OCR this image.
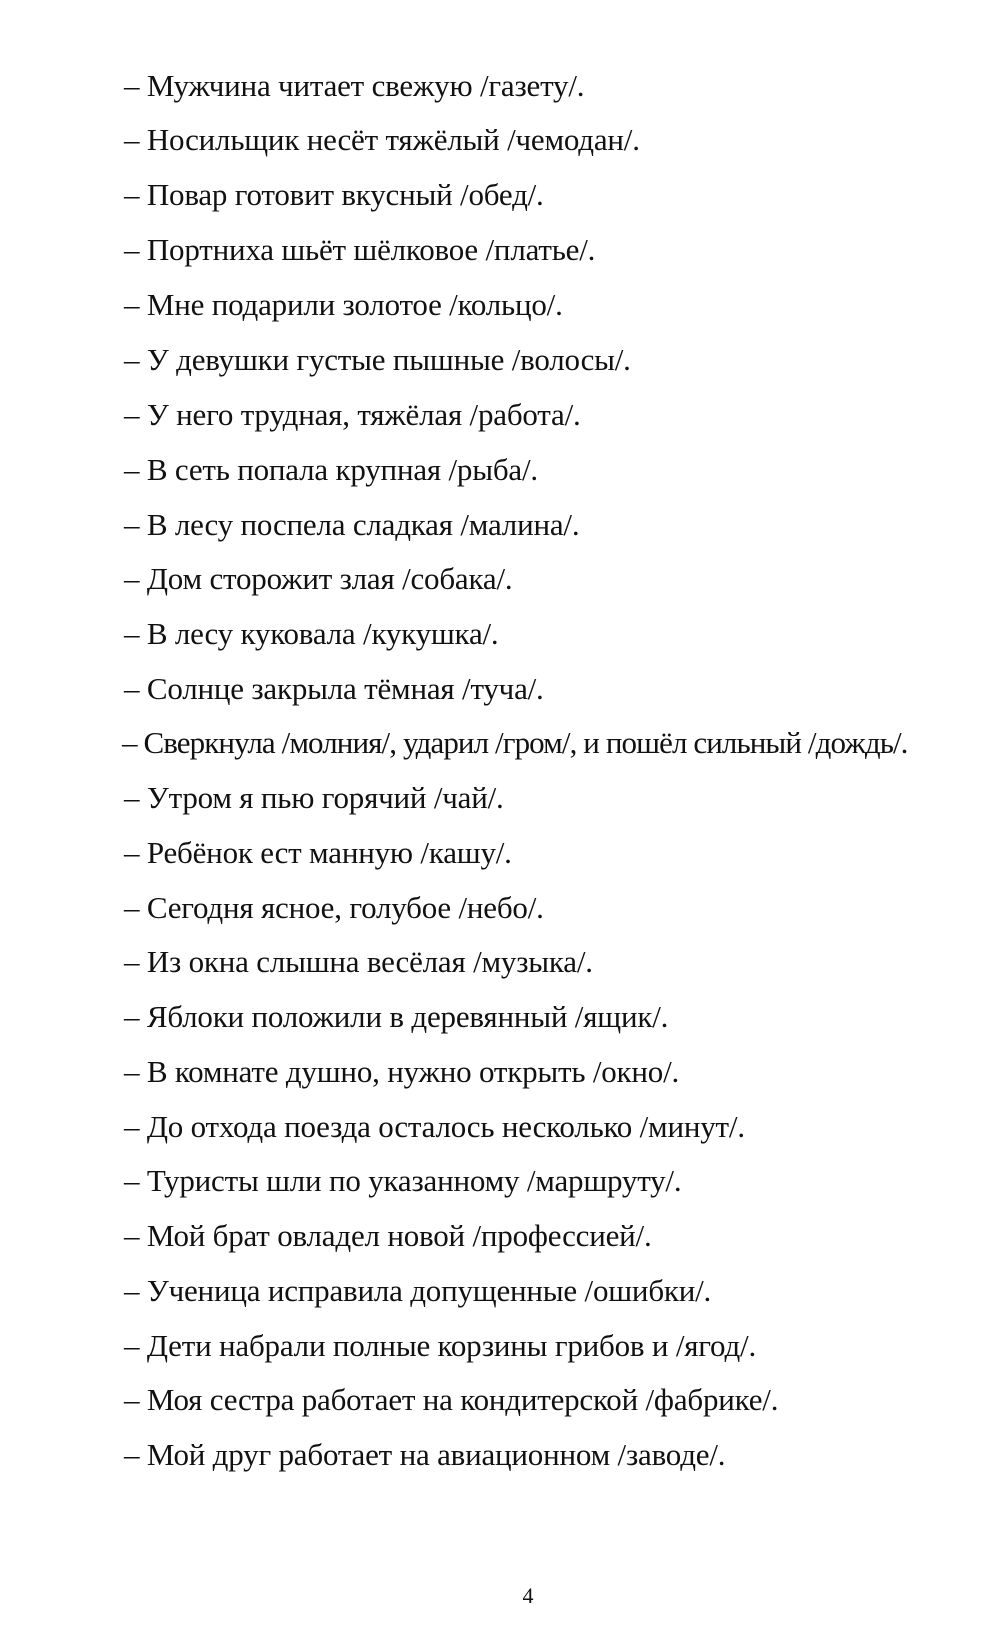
– Мужчина читает свежую /газету/.
– Носильщик несёт тяжёлый /чемодан/.
– Повар готовит вкусный /обед/.
– Портниха шьёт шёлковое /платье/.
– Мне подарили золотое /кольцо/.
– У девушки густые пышные /волосы/.
– У него трудная, тяжёлая /работа/.
– В сеть попала крупная /рыба/.
– В лесу поспела сладкая /малина/.
– Дом сторожит злая /собака/.
– В лесу куковала /кукушка/.
– Солнце закрыла тёмная /туча/.
– Сверкнула /молния/, ударил /гром/, и пошёл сильный /дождь/.
– Утром я пью горячий /чай/.
– Ребёнок ест манную /кашу/.
– Сегодня ясное, голубое /небо/.
– Из окна слышна весёлая /музыка/.
– Яблоки положили в деревянный /ящик/.
– В комнате душно, нужно открыть /окно/.
– До отхода поезда осталось несколько /минут/.
– Туристы шли по указанному /маршруту/.
– Мой брат овладел новой /профессией/.
– Ученица исправила допущенные /ошибки/.
– Дети набрали полные корзины грибов и /ягод/.
– Моя сестра работает на кондитерской /фабрике/.
– Мой друг работает на авиационном /заводе/.
4
